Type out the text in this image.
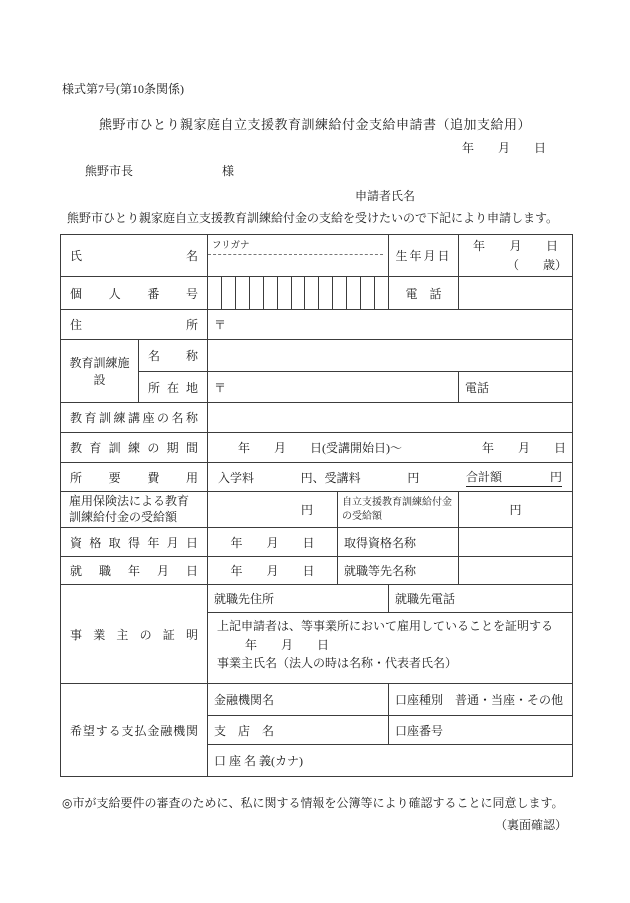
様式第7号(第10条関係)
熊野市ひとり親家庭自立支援教育訓練給付金支給申請書（追加支給用）
年　　月　　日
熊野市長	様
申請者氏名
熊野市ひとり親家庭自立支援教育訓練給付金の支給を受けたいので下記により申請します。
氏名		フリガナ		生年月日	年　　月　　日
（　　歳）

個人番号				電　話	

住所		〒			
教育訓練施設	名称				

	所在地	〒			電話

教育訓練講座の名称					

教育訓練の期間		年　　月　　日(受講開始日)～ 年　　月　　日			

所要費用		入学料 円、受講料 円 合計額　　　　円			

雇用保険法による教育訓練給付金の受給額		円	自立支援教育訓練給付金の受給額		円

資格取得年月日		年　　月　　日	取得資格名称		

就職年月日		年　　月　　日	就職等先名称		

事業主の証明		就職先住所		就職先電話	

		上記申請者は、等事業所において雇用していることを証明する
年　　月　　日
事業主氏名（法人の時は名称・代表者氏名）			

希望する支払金融機関		金融機関名		口座種別　普通・当座・その他	
		支　店　名		口座番号	
		口 座 名 義(カナ)			
◎市が支給要件の審査のために、私に関する情報を公簿等により確認することに同意します。
（裏面確認）
